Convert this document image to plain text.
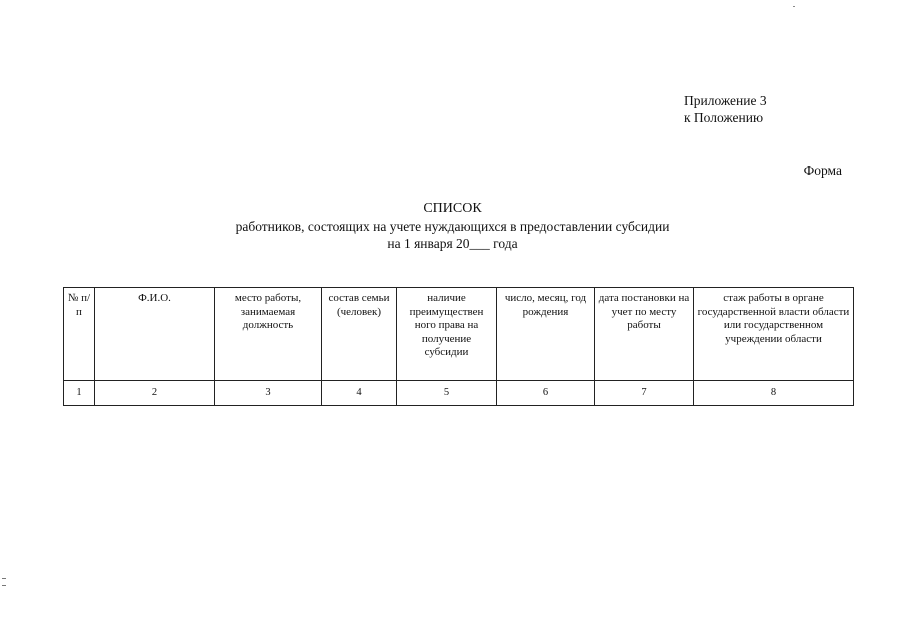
Приложение 3
к Положению
Форма
СПИСОК
работников, состоящих на учете нуждающихся в предоставлении субсидии
на 1 января 20___ года
№ п/п	Ф.И.О.	место работы, занимаемая должность	состав семьи (человек)	наличие преимуществен ного права на получение субсидии	число, месяц, год рождения	дата постановки на учет по месту работы	стаж работы в органе государственной власти области или государственном учреждении области
1	2	3	4	5	6	7	8
